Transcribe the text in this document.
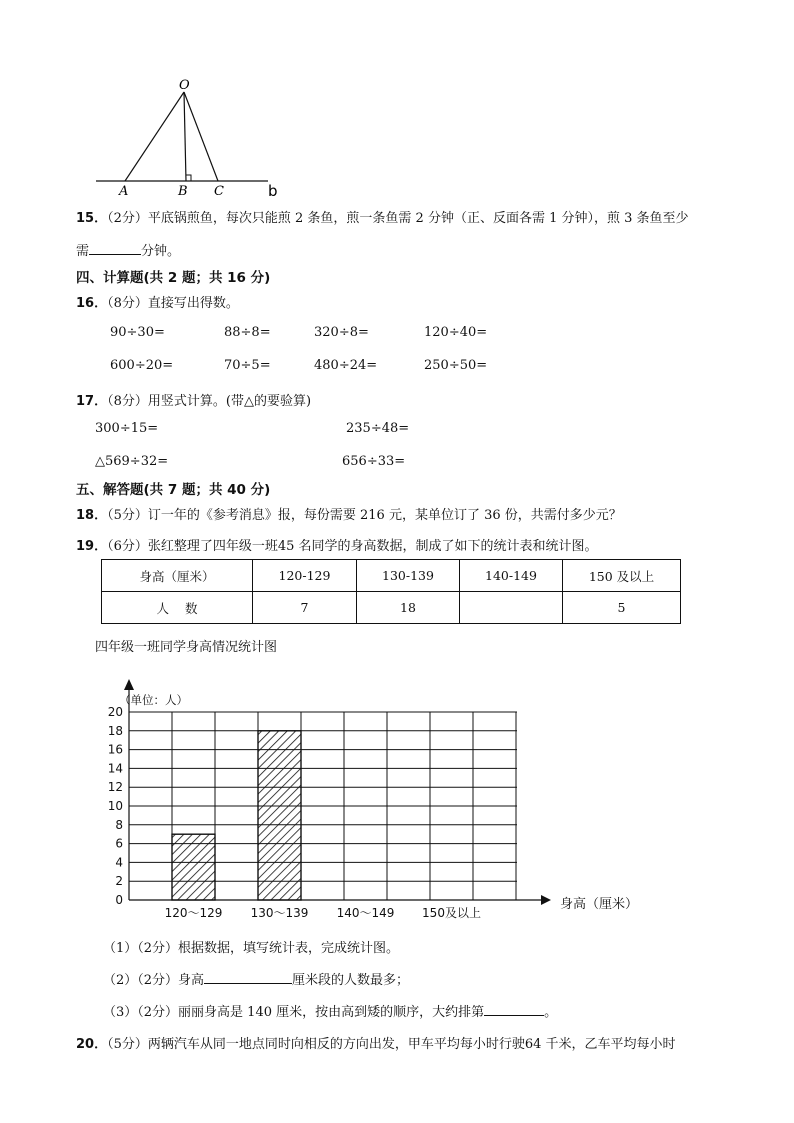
O
A	B C	b
15．（2分）平底锅煎鱼，每次只能煎 2 条鱼，煎一条鱼需 2 分钟（正、反面各需 1 分钟），煎 3 条鱼至少
需	分钟。
四、计算题(共 2 题；共 16 分)
16．（8分）直接写出得数。
90÷30=	88÷8=	320÷8=	120÷40=
600÷20=	70÷5=	480÷24=	250÷50=
17．（8分）用竖式计算。(带△的要验算)
300÷15=	235÷48=
△569÷32=	656÷33=
五、解答题(共 7 题；共 40 分)
18．（5分）订一年的《参考消息》报，每份需要 216 元，某单位订了 36 份，共需付多少元？
19．（6分）张红整理了四年级一班45 名同学的身高数据，制成了如下的统计表和统计图。
身高（厘米）	120-129	130-139	140-149	150 及以上
人    数	7	18		5
四年级一班同学身高情况统计图
0
2
4
6
8
10
12
14
16
18
20
120～129 130～139 140～149 150及以上
（单位：人）
身高（厘米）
（1）（2分）根据数据，填写统计表，完成统计图。
（2）（2分）身高	厘米段的人数最多；
（3）（2分）丽丽身高是 140 厘米，按由高到矮的顺序，大约排第	。
20．（5分）两辆汽车从同一地点同时向相反的方向出发，甲车平均每小时行驶64 千米，乙车平均每小时
